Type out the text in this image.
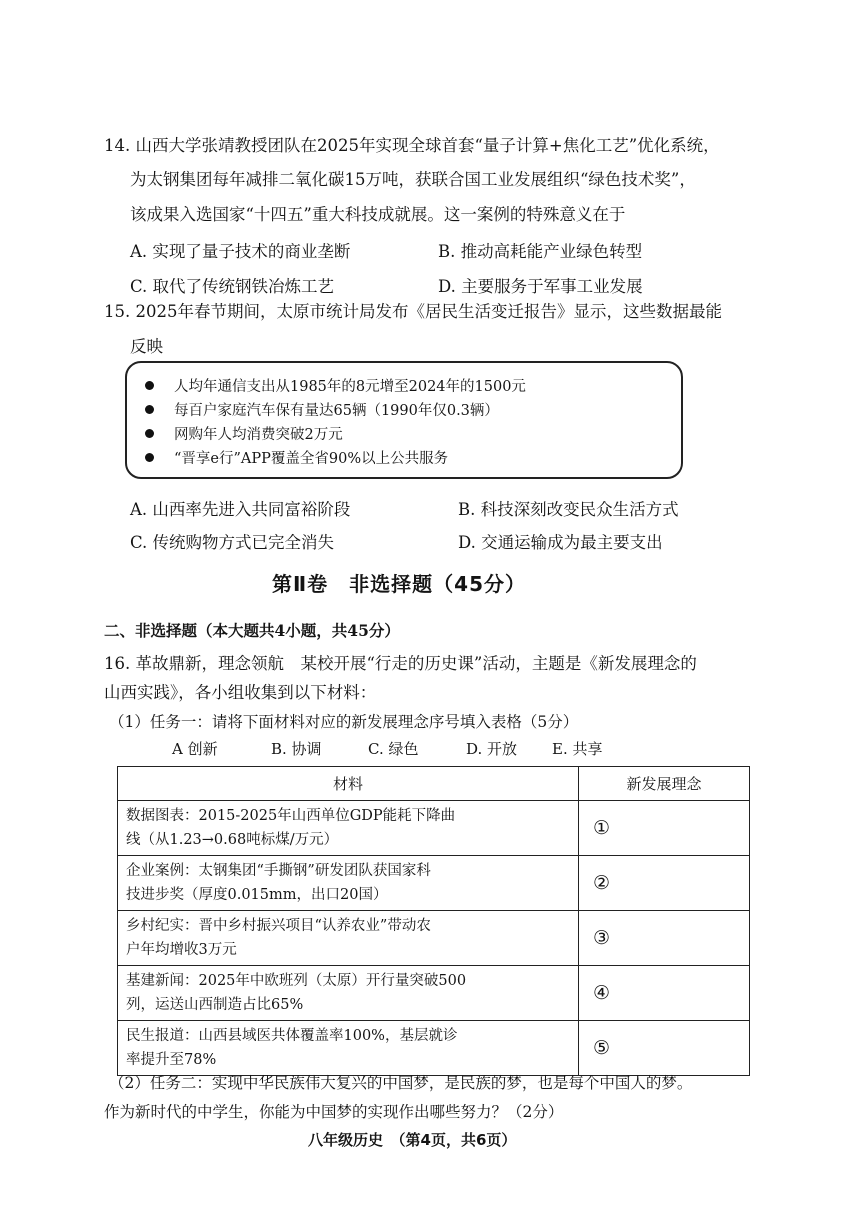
14. 山西大学张靖教授团队在2025年实现全球首套“量子计算+焦化工艺”优化系统，
为太钢集团每年减排二氧化碳15万吨，获联合国工业发展组织“绿色技术奖”，
该成果入选国家“十四五”重大科技成就展。这一案例的特殊意义在于
A. 实现了量子技术的商业垄断	B. 推动高耗能产业绿色转型
C. 取代了传统钢铁冶炼工艺	D. 主要服务于军事工业发展
15. 2025年春节期间，太原市统计局发布《居民生活变迁报告》显示，这些数据最能
反映
人均年通信支出从1985年的8元增至2024年的1500元
每百户家庭汽车保有量达65辆（1990年仅0.3辆）
网购年人均消费突破2万元
“晋享e行”APP覆盖全省90%以上公共服务
A. 山西率先进入共同富裕阶段	B. 科技深刻改变民众生活方式
C. 传统购物方式已完全消失	D. 交通运输成为最主要支出
第Ⅱ卷　非选择题（45分）
二、非选择题（本大题共4小题，共45分）
16. 革故鼎新，理念领航　某校开展“行走的历史课”活动，主题是《新发展理念的
山西实践》，各小组收集到以下材料：
（1）任务一：请将下面材料对应的新发展理念序号填入表格（5分）
A 创新	B. 协调	C. 绿色	D. 开放 E. 共享
材料	新发展理念

数据图表：2015-2025年山西单位GDP能耗下降曲
线（从1.23→0.68吨标煤/万元）	①

企业案例：太钢集团“手撕钢”研发团队获国家科
技进步奖（厚度0.015mm，出口20国）	②

乡村纪实：晋中乡村振兴项目“认养农业”带动农
户年均增收3万元	③

基建新闻：2025年中欧班列（太原）开行量突破500
列，运送山西制造占比65%	④

民生报道：山西县域医共体覆盖率100%，基层就诊
率提升至78%	⑤
（2）任务二：实现中华民族伟大复兴的中国梦，是民族的梦，也是每个中国人的梦。
作为新时代的中学生，你能为中国梦的实现作出哪些努力？（2分）
八年级历史　（第4页，共6页）
